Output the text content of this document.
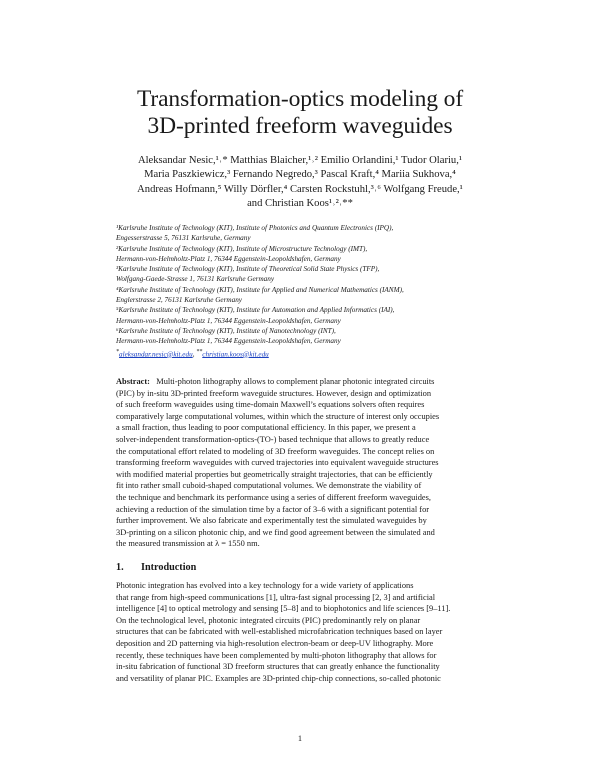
Transformation-optics modeling of
3D-printed freeform waveguides
Aleksandar Nesic,¹˒* Matthias Blaicher,¹˒² Emilio Orlandini,¹ Tudor Olariu,¹
Maria Paszkiewicz,³ Fernando Negredo,³ Pascal Kraft,⁴ Mariia Sukhova,⁴
Andreas Hofmann,⁵ Willy Dörfler,⁴ Carsten Rockstuhl,³˒⁶ Wolfgang Freude,¹
and Christian Koos¹˒²˒**
¹Karlsruhe Institute of Technology (KIT), Institute of Photonics and Quantum Electronics (IPQ),
Engesserstrasse 5, 76131 Karlsruhe, Germany
²Karlsruhe Institute of Technology (KIT), Institute of Microstructure Technology (IMT),
Hermann-von-Helmholtz-Platz 1, 76344 Eggenstein-Leopoldshafen, Germany
³Karlsruhe Institute of Technology (KIT), Institute of Theoretical Solid State Physics (TFP),
Wolfgang-Gaede-Strasse 1, 76131 Karlsruhe Germany
⁴Karlsruhe Institute of Technology (KIT), Institute for Applied and Numerical Mathematics (IANM),
Englerstrasse 2, 76131 Karlsruhe Germany
⁵Karlsruhe Institute of Technology (KIT), Institute for Automation and Applied Informatics (IAI),
Hermann-von-Helmholtz-Platz 1, 76344 Eggenstein-Leopoldshafen, Germany
⁶Karlsruhe Institute of Technology (KIT), Institute of Nanotechnology (INT),
Hermann-von-Helmholtz-Platz 1, 76344 Eggenstein-Leopoldshafen, Germany
*aleksandar.nesic@kit.edu, **christian.koos@kit.edu
Abstract: Multi-photon lithography allows to complement planar photonic integrated circuits
(PIC) by in-situ 3D-printed freeform waveguide structures. However, design and optimization
of such freeform waveguides using time-domain Maxwell’s equations solvers often requires
comparatively large computational volumes, within which the structure of interest only occupies
a small fraction, thus leading to poor computational efficiency. In this paper, we present a
solver-independent transformation-optics-(TO-) based technique that allows to greatly reduce
the computational effort related to modeling of 3D freeform waveguides. The concept relies on
transforming freeform waveguides with curved trajectories into equivalent waveguide structures
with modified material properties but geometrically straight trajectories, that can be efficiently
fit into rather small cuboid-shaped computational volumes. We demonstrate the viability of
the technique and benchmark its performance using a series of different freeform waveguides,
achieving a reduction of the simulation time by a factor of 3–6 with a significant potential for
further improvement. We also fabricate and experimentally test the simulated waveguides by
3D-printing on a silicon photonic chip, and we find good agreement between the simulated and
the measured transmission at λ = 1550 nm.
1. Introduction
Photonic integration has evolved into a key technology for a wide variety of applications
that range from high-speed communications [1], ultra-fast signal processing [2, 3] and artificial
intelligence [4] to optical metrology and sensing [5–8] and to biophotonics and life sciences [9–11].
On the technological level, photonic integrated circuits (PIC) predominantly rely on planar
structures that can be fabricated with well-established microfabrication techniques based on layer
deposition and 2D patterning via high-resolution electron-beam or deep-UV lithography. More
recently, these techniques have been complemented by multi-photon lithography that allows for
in-situ fabrication of functional 3D freeform structures that can greatly enhance the functionality
and versatility of planar PIC. Examples are 3D-printed chip-chip connections, so-called photonic
1
